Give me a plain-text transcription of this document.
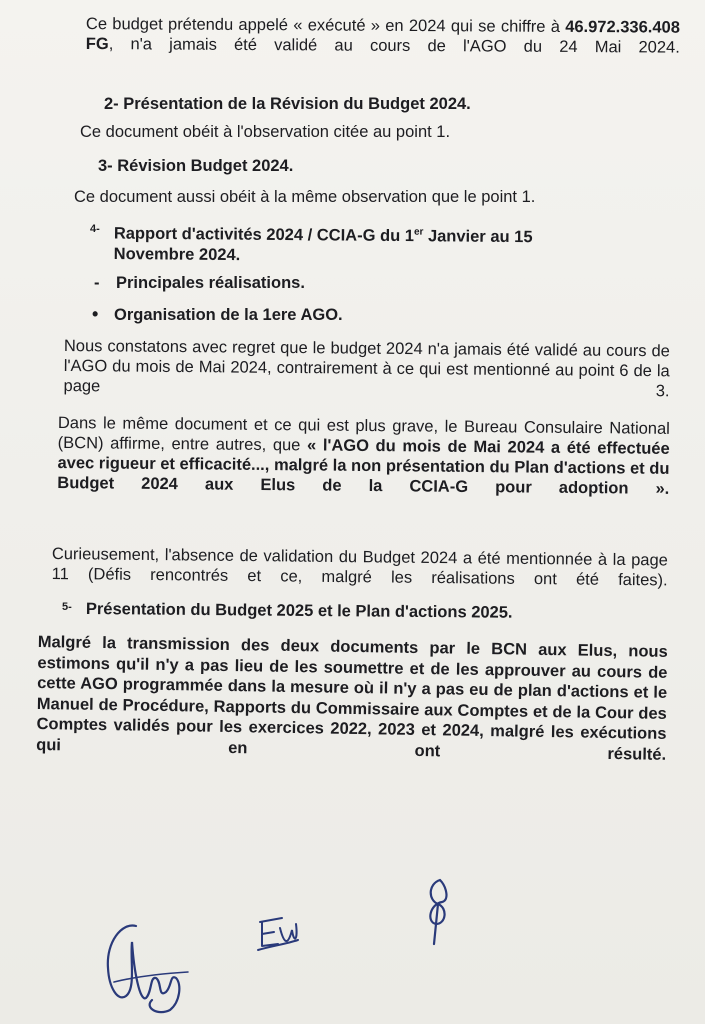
Ce budget prétendu appelé « exécuté » en 2024 qui se chiffre à 46.972.336.408 FG, n'a jamais été validé au cours de l'AGO du 24 Mai 2024.

2- Présentation de la Révision du Budget 2024.

Ce document obéit à l'observation citée au point 1.

3- Révision Budget 2024.

Ce document aussi obéit à la même observation que le point 1.

4- Rapport d'activités 2024 / CCIA-G du 1er Janvier au 15
Novembre 2024.

- Principales réalisations.

• Organisation de la 1ere AGO.

Nous constatons avec regret que le budget 2024 n'a jamais été validé au cours de l'AGO du mois de Mai 2024, contrairement à ce qui est mentionné au point 6 de la page 3.

Dans le même document et ce qui est plus grave, le Bureau Consulaire National (BCN) affirme, entre autres, que « l'AGO du mois de Mai 2024 a été effectuée avec rigueur et efficacité..., malgré la non présentation du Plan d'actions et du Budget 2024 aux Elus de la CCIA-G pour adoption ».

Curieusement, l'absence de validation du Budget 2024 a été mentionnée à la page 11 (Défis rencontrés et ce, malgré les réalisations ont été faites).

5- Présentation du Budget 2025 et le Plan d'actions 2025.

Malgré la transmission des deux documents par le BCN aux Elus, nous estimons qu'il n'y a pas lieu de les soumettre et de les approuver au cours de cette AGO programmée dans la mesure où il n'y a pas eu de plan d'actions et le Manuel de Procédure, Rapports du Commissaire aux Comptes et de la Cour des Comptes validés pour les exercices 2022, 2023 et 2024, malgré les exécutions qui en ont résulté.
